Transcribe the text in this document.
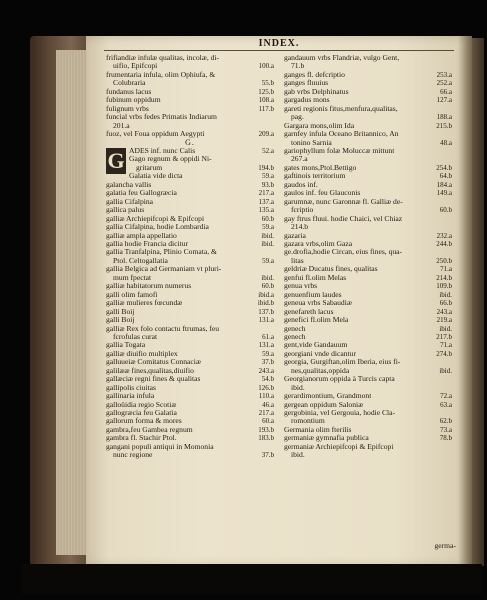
INDEX.
frifiandiæ infulæ qualitas, incolæ, di-
uifio, Epifcopi	100.a
frumentaria infula, olim Ophiufa, &
Colubraria	55.b
fundanus lacus	125.b
fubinum oppidum	108.a
fulignum vrbs	117.b
funcial vrbs fedes Primatis Indiarum
201.a
fuoz, vel Foua oppidum Aegypti	209.a
G.
G ADES inf. nunc Calis	52.a
Gago regnum & oppidi Ni-
gritarum	194.b
Galatia vide dicta	59.a
galancha vallis	93.b
galatia feu Gallogræcia	217.a
gallia Cifalpina	137.a
gallica palus	135.a
galliæ Archiepifcopi & Epifcopi	60.b
gallia Cifalpina, hodie Lombardia	59.a
galliæ ampla appellatio	ibid.
gallia hodie Francia dicitur	ibid.
gallia Tranfalpina, Plinio Comata, &
Ptol. Celtogallatia	59.a
gallia Belgica ad Germaniam vt pluri-
mum fpectat	ibid.
galliæ habitatorum numerus	60.b
galli olim famofi	ibid.a
galliæ mulieres fœcundæ	ibid.b
galli Boij	137.b
galli Boij	131.a
galliæ Rex folo contactu ftrumas, feu
fcrofulas curat	61.a
gallia Togata	131.a
galliæ diuifio multiplex	59.a
galluueiæ Comitatus Connaciæ	37.b
galilææ fines,qualitas,diuifio	243.a
gallæciæ regni fines & qualitas	54.b
gallipolis ciuitas	126.b
gallinaria infula	110.a
galloüidia regio Scotiæ	46.a
gallogræcia feu Galatia	217.a
gallorum forma & mores	60.a
gambra,feu Gambea regnum	193.b
gambra fl. Stachir Ptol.	183.b
gangani populi antiqui in Momonia
nunc regione	37.b
gandauum vrbs Flandriæ, vulgo Gent,
71.b
ganges fl. defcriptio	253.a
ganges fluuius	252.a
gab vrbs Delphinatus	66.a
gargadus mons	127.a
gareti regionis fitus,menfura,qualitas,
pag.	188.a
Gargara mons,olim Ida	215.b
garnfey infula Oceano Britannico, An
tonino Sarnia	48.a
gariophyllum folæ Moluccæ mittunt
267.a
gates mons,Ptol.Bettigo	254.b
gaftinois territorium	64.b
gaudos inf.	184.a
gaulos inf. feu Glauconis	149.a
garumnæ, nunc Garonnæ fl. Galliæ de-
fcriptio	60.b
gay ftrus fluui. hodie Chaici, vel Chiaz
214.b
gazaria	232.a
gazara vrbs,olim Gaza	244.b
ge.drofia,hodie Circan, eius fines, qua-
litas	250.b
geldriæ Ducatus fines, qualitas	71.a
genfui fl.olim Melas	214.b
genua vrbs	109.b
genuenfium laudes	ibid.
geneua vrbs Sabaudiæ	66.b
genefareth lacus	243.a
genefici fl.olim Mela	219.a
genech	ibid.
genech	217.b
gent,vide Gandauum	71.a
georgiani vnde dicantur	274.b
georgia, Gurgiftan,olim Iberia, eius fi-
nes,qualitas,oppida	ibid.
Georgianorum oppida à Turcis capta
ibid.
gerardimontium, Grandmont	72.a
gergean oppidum Saloniæ	63.a
gergobinia, vel Gergouia, hodie Cla-
romontium	62.b
Germania olim fterilis	73.a
germaniæ gymnafia publica	78.b
germaniæ Archiepifcopi & Epifcopi
ibid.
germa-
